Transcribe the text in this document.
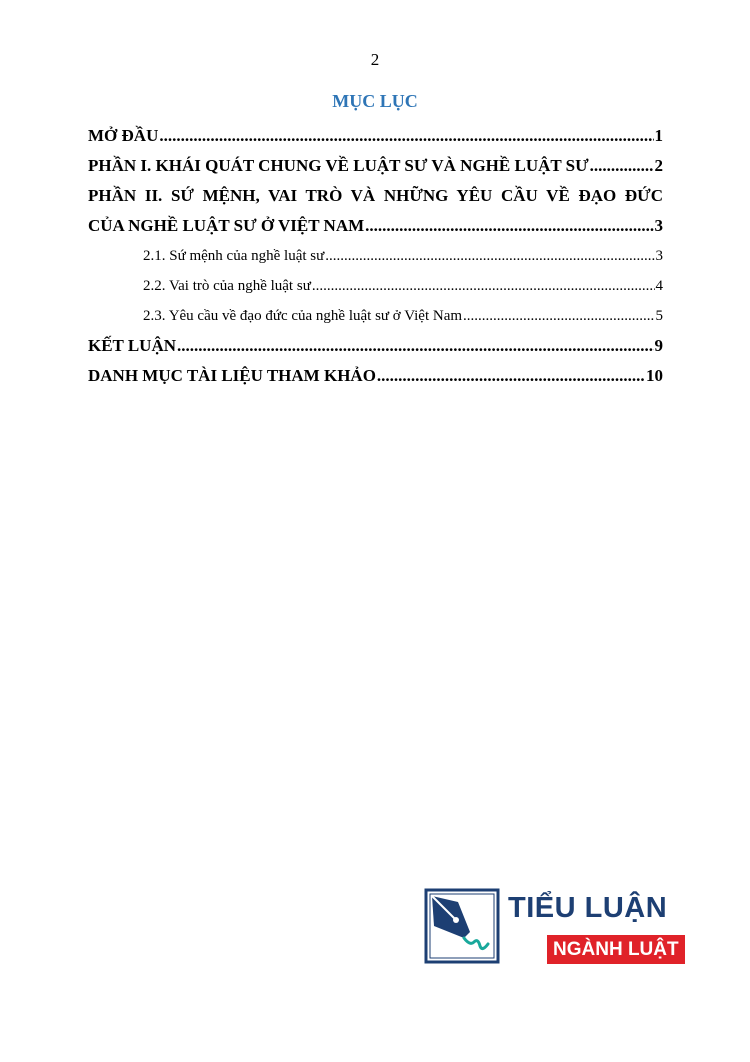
2
MỤC LỤC
MỞ ĐẦU .....	1
PHẦN I. KHÁI QUÁT CHUNG VỀ LUẬT SƯ VÀ NGHỀ LUẬT SƯ .....	2
PHẦN II. SỨ MỆNH, VAI TRÒ VÀ NHỮNG YÊU CẦU VỀ ĐẠO ĐỨC
CỦA NGHỀ LUẬT SƯ Ở VIỆT NAM .....	3
2.1. Sứ mệnh của nghề luật sư .....	3
2.2. Vai trò của nghề luật sư .....	4
2.3. Yêu cầu về đạo đức của nghề luật sư ở Việt Nam .....	5
KẾT LUẬN .....	9
DANH MỤC TÀI LIỆU THAM KHẢO .....	10
TIỂU LUẬN
NGÀNH LUẬT
